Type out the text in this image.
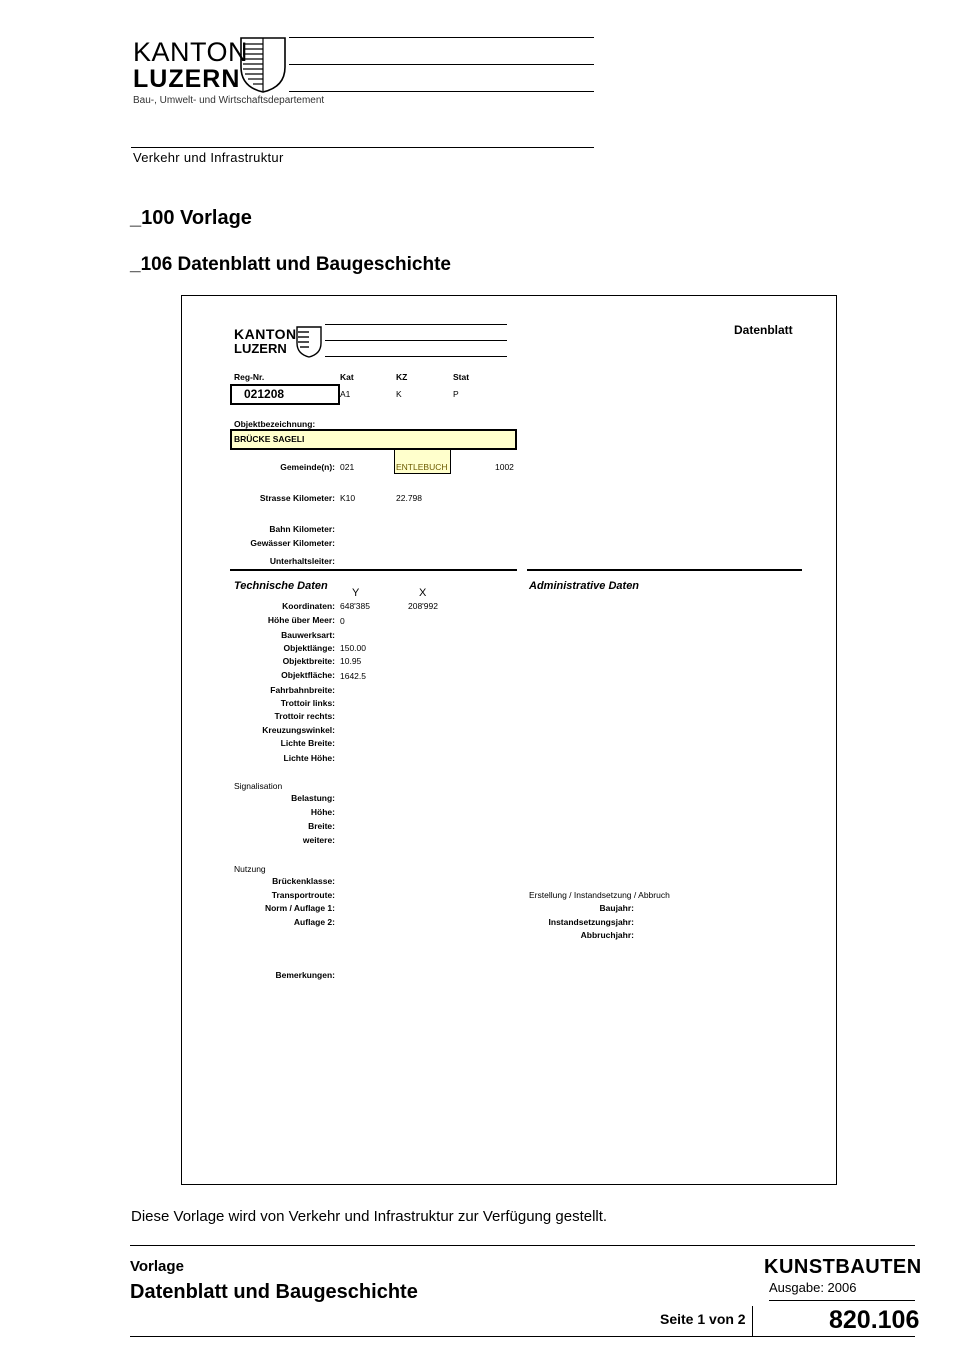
KANTON
LUZERN
Bau-, Umwelt- und Wirtschaftsdepartement
Verkehr und Infrastruktur
_100 Vorlage
_106 Datenblatt und Baugeschichte
KANTON
LUZERN
Datenblatt
Reg-Nr.	Kat	KZ	Stat
021208	A1	K	P
Objektbezeichnung:
BRÜCKE SAGELI
Gemeinde(n): 021	ENTLEBUCH	1002
Strasse Kilometer: K10	22.798
Bahn Kilometer:
Gewässer Kilometer:
Unterhaltsleiter:
Technische Daten	Administrative Daten
Y	X
Koordinaten: 648'385	208'992
Höhe über Meer: 0
Bauwerksart:
Objektlänge: 150.00
Objektbreite: 10.95
Objektfläche: 1642.5
Fahrbahnbreite:
Trottoir links:
Trottoir rechts:
Kreuzungswinkel:
Lichte Breite:
Lichte Höhe:
Signalisation
Belastung:
Höhe:
Breite:
weitere:
Nutzung
Brückenklasse:
Transportroute:
Norm / Auflage 1:
Auflage 2:
Erstellung / Instandsetzung / Abbruch
Baujahr:
Instandsetzungsjahr:
Abbruchjahr:
Bemerkungen:
Diese Vorlage wird von Verkehr und Infrastruktur zur Verfügung gestellt.
Vorlage
Datenblatt und Baugeschichte
KUNSTBAUTEN
Ausgabe: 2006
Seite 1 von 2	820.106
